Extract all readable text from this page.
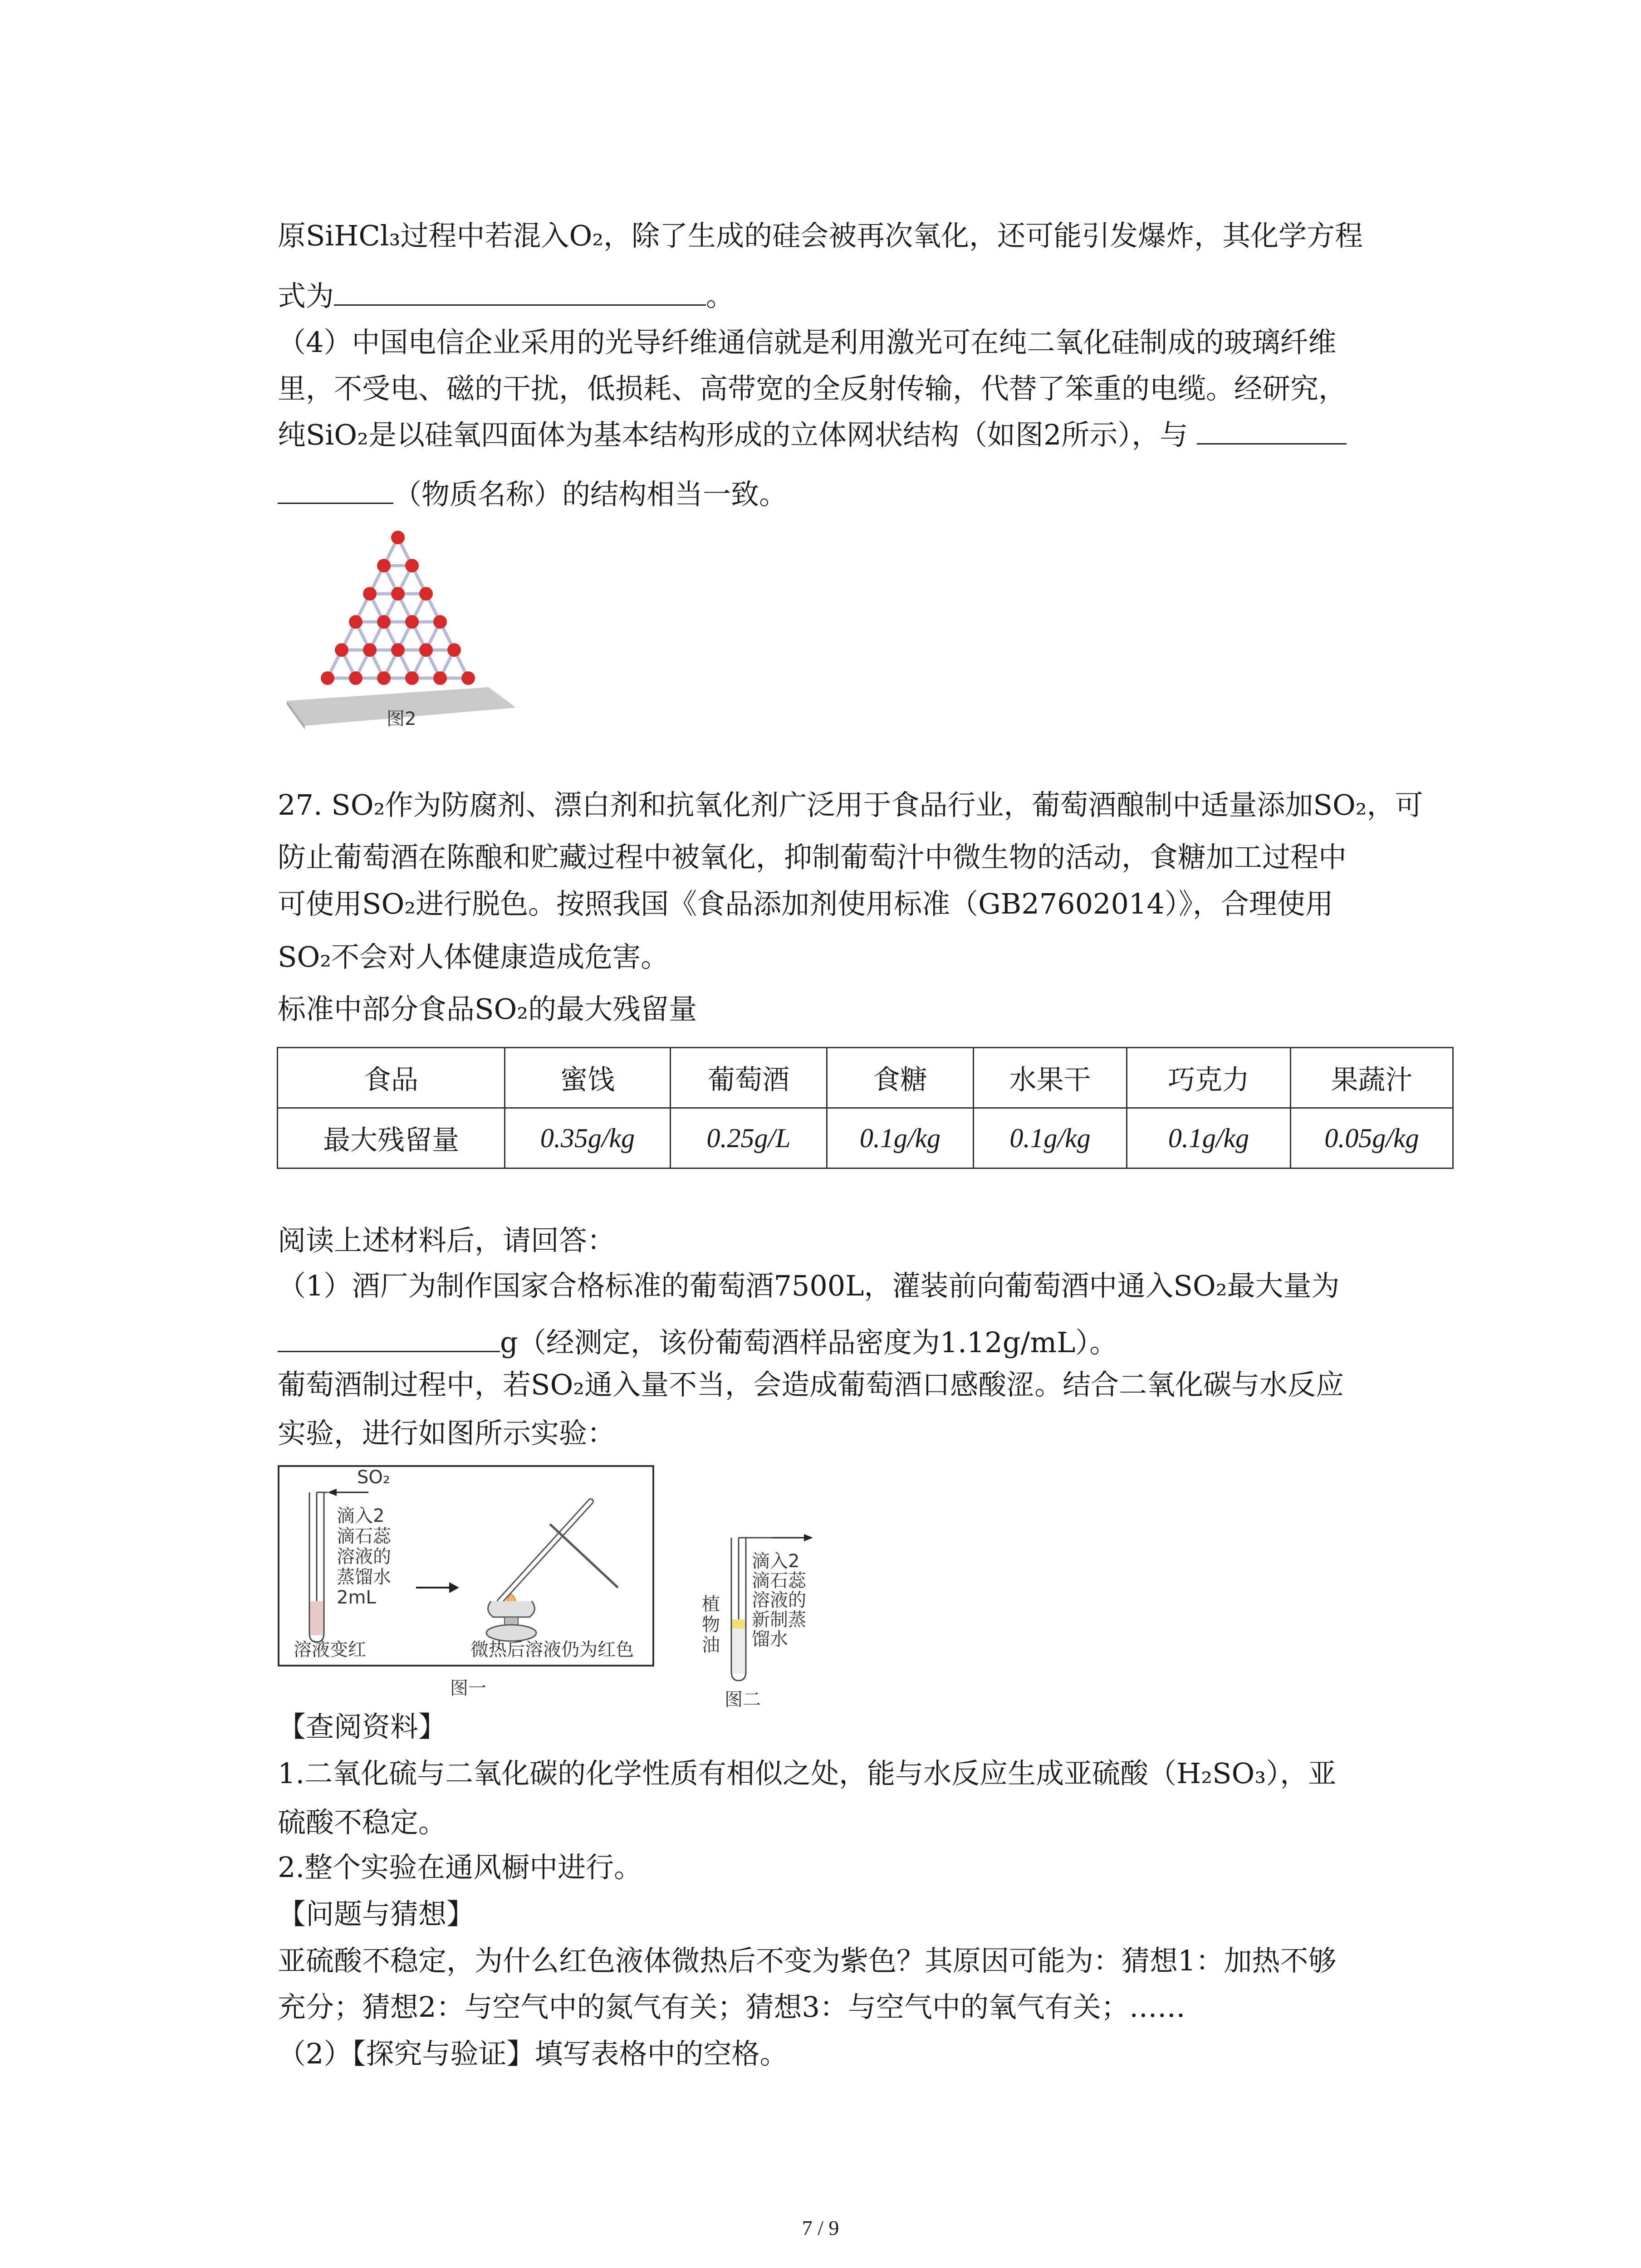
原SiHCl₃过程中若混入O₂，除了生成的硅会被再次氧化，还可能引发爆炸，其化学方程
式为	。
（4）中国电信企业采用的光导纤维通信就是利用激光可在纯二氧化硅制成的玻璃纤维
里，不受电、磁的干扰，低损耗、高带宽的全反射传输，代替了笨重的电缆。经研究，
纯SiO₂是以硅氧四面体为基本结构形成的立体网状结构（如图2所示），与
（物质名称）的结构相当一致。
图2
27. SO₂作为防腐剂、漂白剂和抗氧化剂广泛用于食品行业，葡萄酒酿制中适量添加SO₂，可
防止葡萄酒在陈酿和贮藏过程中被氧化，抑制葡萄汁中微生物的活动，食糖加工过程中
可使用SO₂进行脱色。按照我国《食品添加剂使用标准（GB27602014）》，合理使用
SO₂不会对人体健康造成危害。
标准中部分食品SO₂的最大残留量
食品	蜜饯	葡萄酒	食糖	水果干	巧克力	果蔬汁
最大残留量	0.35g/kg	0.25g/L	0.1g/kg	0.1g/kg	0.1g/kg	0.05g/kg
阅读上述材料后，请回答：
（1）酒厂为制作国家合格标准的葡萄酒7500L，灌装前向葡萄酒中通入SO₂最大量为
g（经测定，该份葡萄酒样品密度为1.12g/mL）。
葡萄酒制过程中，若SO₂通入量不当，会造成葡萄酒口感酸涩。结合二氧化碳与水反应
实验，进行如图所示实验：
SO₂
滴入2
滴石蕊
溶液的
蒸馏水
2mL
溶液变红	微热后溶液仍为红色
图一
植
物
油
滴入2
滴石蕊
溶液的
新制蒸
馏水
图二
【查阅资料】
1.二氧化硫与二氧化碳的化学性质有相似之处，能与水反应生成亚硫酸（H₂SO₃），亚
硫酸不稳定。
2.整个实验在通风橱中进行。
【问题与猜想】
亚硫酸不稳定，为什么红色液体微热后不变为紫色？其原因可能为：猜想1：加热不够
充分；猜想2：与空气中的氮气有关；猜想3：与空气中的氧气有关；……
（2）【探究与验证】填写表格中的空格。
7 / 9
